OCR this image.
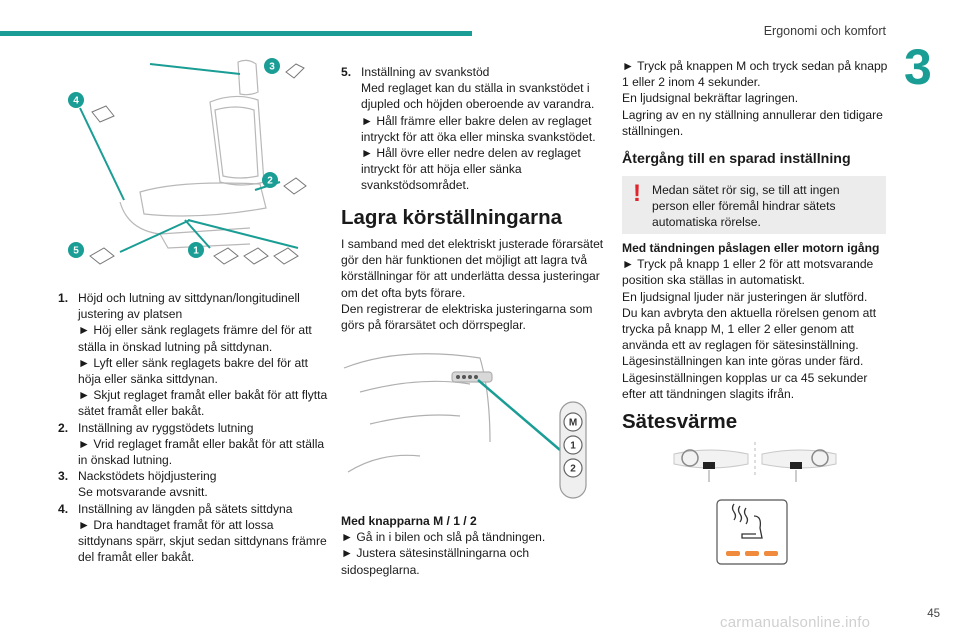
Ergonomi och komfort
3
45
3
4
2
5	1
1. Höjd och lutning av sittdynan/longitudinell justering av platsen
► Höj eller sänk reglagets främre del för att ställa in önskad lutning på sittdynan.
► Lyft eller sänk reglagets bakre del för att höja eller sänka sittdynan.
► Skjut reglaget framåt eller bakåt för att flytta sätet framåt eller bakåt.
2. Inställning av ryggstödets lutning
► Vrid reglaget framåt eller bakåt för att ställa in önskad lutning.
3. Nackstödets höjdjustering
Se motsvarande avsnitt.
4. Inställning av längden på sätets sittdyna
► Dra handtaget framåt för att lossa sittdynans spärr, skjut sedan sittdynans främre del framåt eller bakåt.
5. Inställning av svankstöd
Med reglaget kan du ställa in svankstödet i djupled och höjden oberoende av varandra.
► Håll främre eller bakre delen av reglaget intryckt för att öka eller minska svankstödet.
► Håll övre eller nedre delen av reglaget intryckt för att höja eller sänka svankstödsområdet.
Lagra körställningarna
I samband med det elektriskt justerade förarsätet gör den här funktionen det möjligt att lagra två körställningar för att underlätta dessa justeringar om det ofta byts förare.
Den registrerar de elektriska justeringarna som görs på förarsätet och dörrspeglar.
M
1
2
Med knapparna M / 1 / 2
► Gå in i bilen och slå på tändningen.
► Justera sätesinställningarna och sidospeglarna.
► Tryck på knappen M och tryck sedan på knapp 1 eller 2 inom 4 sekunder.
En ljudsignal bekräftar lagringen.
Lagring av en ny ställning annullerar den tidigare ställningen.
Återgång till en sparad inställning
! Medan sätet rör sig, se till att ingen person eller föremål hindrar sätets automatiska rörelse.
Med tändningen påslagen eller motorn igång
► Tryck på knapp 1 eller 2 för att motsvarande position ska ställas in automatiskt.
En ljudsignal ljuder när justeringen är slutförd.
Du kan avbryta den aktuella rörelsen genom att trycka på knapp M, 1 eller 2 eller genom att använda ett av reglagen för sätesinställning.
Lägesinställningen kan inte göras under färd.
Lägesinställningen kopplas ur ca 45 sekunder efter att tändningen slagits ifrån.
Sätesvärme
carmanualsonline.info
